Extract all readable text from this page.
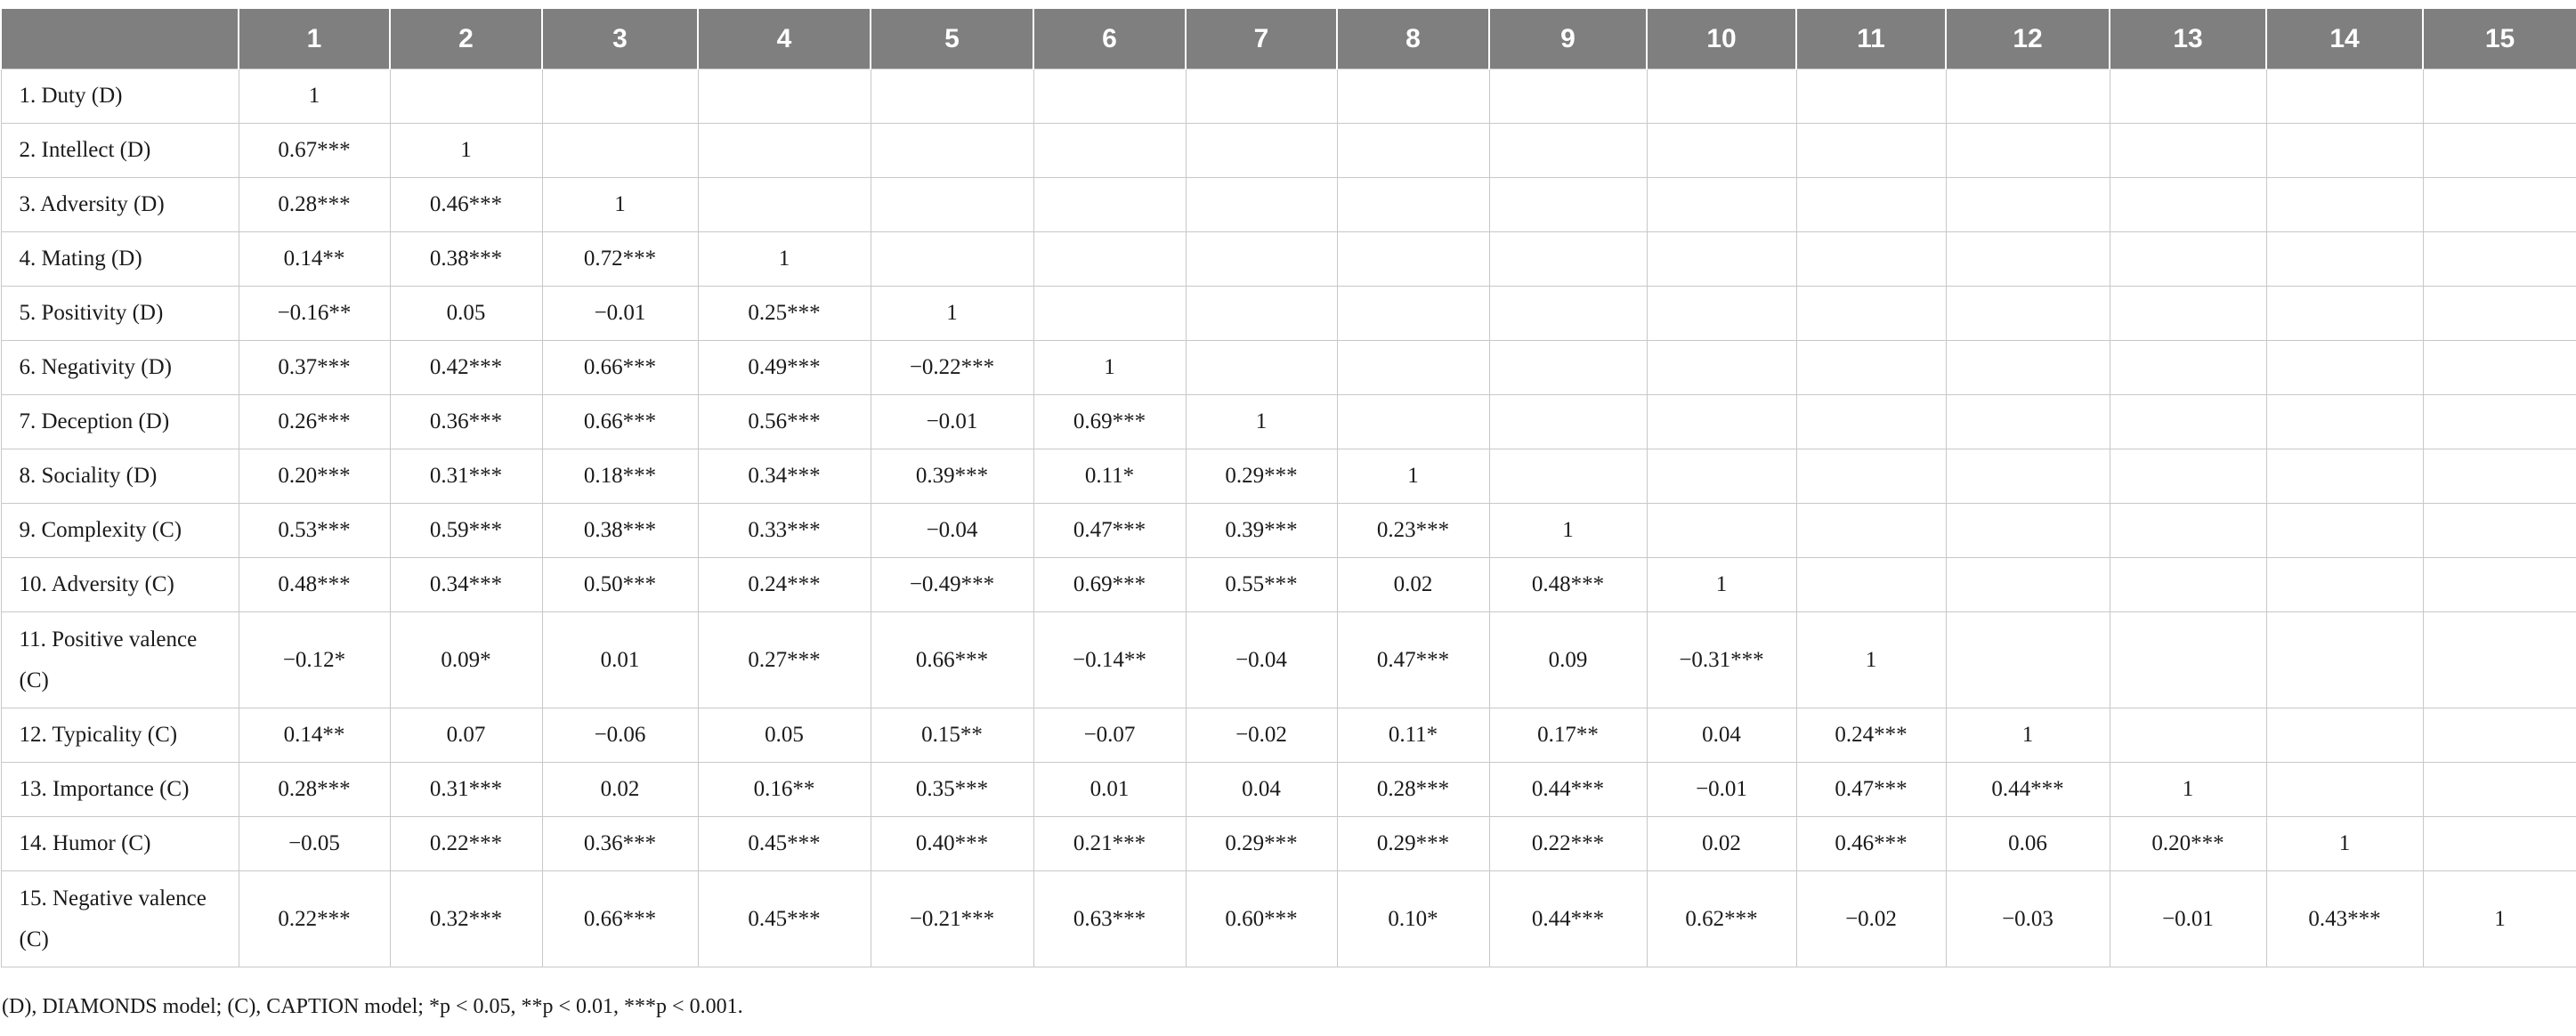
	1	2	3	4	5	6	7	8	9	10	11	12	13	14	15
1. Duty (D)	1														
2. Intellect (D)	0.67***	1													
3. Adversity (D)	0.28***	0.46***	1												
4. Mating (D)	0.14**	0.38***	0.72***	1											
5. Positivity (D)	−0.16**	0.05	−0.01	0.25***	1										
6. Negativity (D)	0.37***	0.42***	0.66***	0.49***	−0.22***	1									
7. Deception (D)	0.26***	0.36***	0.66***	0.56***	−0.01	0.69***	1								
8. Sociality (D)	0.20***	0.31***	0.18***	0.34***	0.39***	0.11*	0.29***	1							
9. Complexity (C)	0.53***	0.59***	0.38***	0.33***	−0.04	0.47***	0.39***	0.23***	1						
10. Adversity (C)	0.48***	0.34***	0.50***	0.24***	−0.49***	0.69***	0.55***	0.02	0.48***	1					
11. Positive valence (C)	−0.12*	0.09*	0.01	0.27***	0.66***	−0.14**	−0.04	0.47***	0.09	−0.31***	1				
12. Typicality (C)	0.14**	0.07	−0.06	0.05	0.15**	−0.07	−0.02	0.11*	0.17**	0.04	0.24***	1			
13. Importance (C)	0.28***	0.31***	0.02	0.16**	0.35***	0.01	0.04	0.28***	0.44***	−0.01	0.47***	0.44***	1		
14. Humor (C)	−0.05	0.22***	0.36***	0.45***	0.40***	0.21***	0.29***	0.29***	0.22***	0.02	0.46***	0.06	0.20***	1	
15. Negative valence (C)	0.22***	0.32***	0.66***	0.45***	−0.21***	0.63***	0.60***	0.10*	0.44***	0.62***	−0.02	−0.03	−0.01	0.43***	1
(D), DIAMONDS model; (C), CAPTION model; *p < 0.05, **p < 0.01, ***p < 0.001.
